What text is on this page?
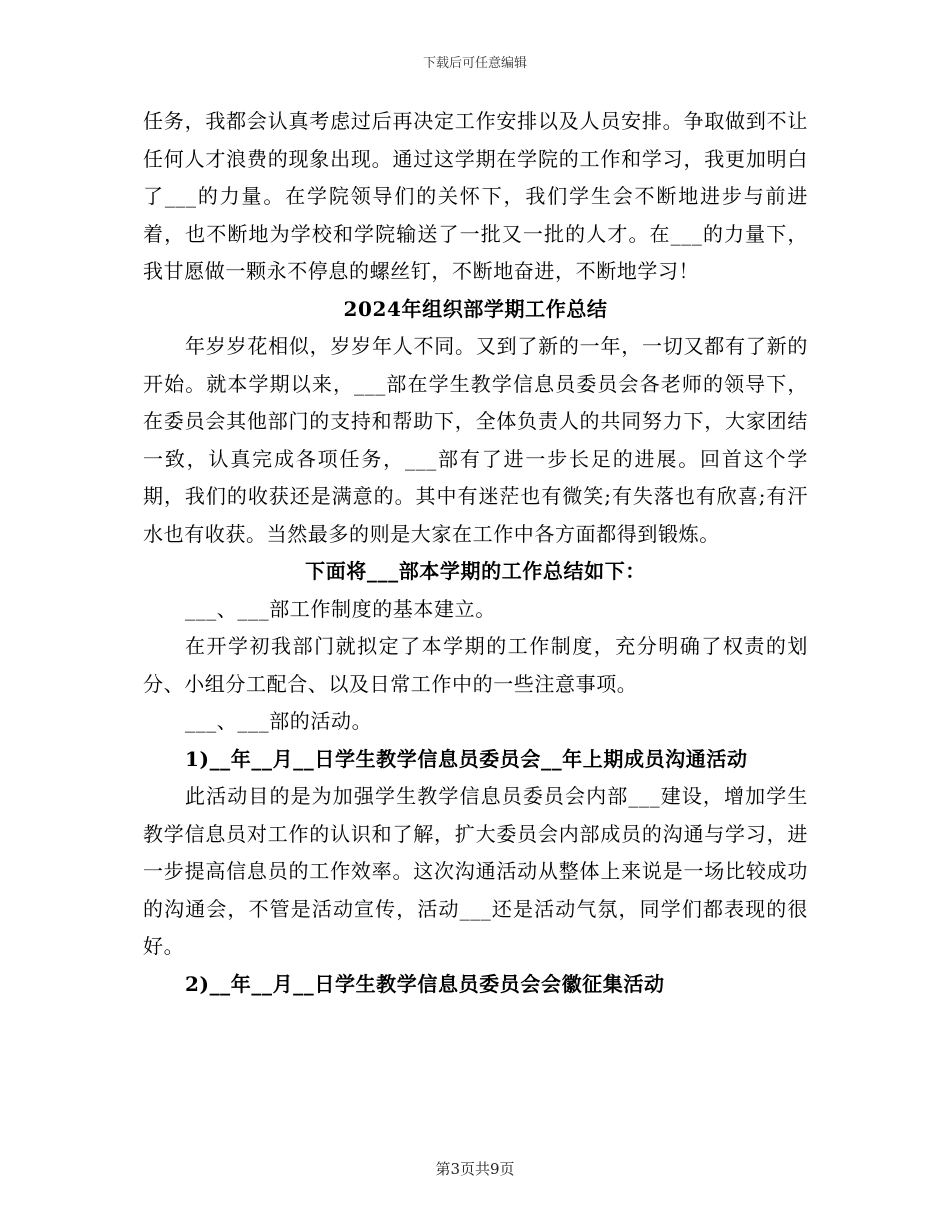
下载后可任意编辑

任务，我都会认真考虑过后再决定工作安排以及人员安排。争取做到不让任何人才浪费的现象出现。通过这学期在学院的工作和学习，我更加明白了___的力量。在学院领导们的关怀下，我们学生会不断地进步与前进着，也不断地为学校和学院输送了一批又一批的人才。在___的力量下，我甘愿做一颗永不停息的螺丝钉，不断地奋进，不断地学习！

2024年组织部学期工作总结

年岁岁花相似，岁岁年人不同。又到了新的一年，一切又都有了新的开始。就本学期以来，___部在学生教学信息员委员会各老师的领导下，在委员会其他部门的支持和帮助下，全体负责人的共同努力下，大家团结一致，认真完成各项任务，___部有了进一步长足的进展。回首这个学期，我们的收获还是满意的。其中有迷茫也有微笑;有失落也有欣喜;有汗水也有收获。当然最多的则是大家在工作中各方面都得到锻炼。

下面将___部本学期的工作总结如下：

___、___部工作制度的基本建立。

在开学初我部门就拟定了本学期的工作制度，充分明确了权责的划分、小组分工配合、以及日常工作中的一些注意事项。

___、___部的活动。

1)__年__月__日学生教学信息员委员会__年上期成员沟通活动

此活动目的是为加强学生教学信息员委员会内部___建设，增加学生教学信息员对工作的认识和了解，扩大委员会内部成员的沟通与学习，进一步提高信息员的工作效率。这次沟通活动从整体上来说是一场比较成功的沟通会，不管是活动宣传，活动___还是活动气氛，同学们都表现的很好。

2)__年__月__日学生教学信息员委员会会徽征集活动

第3页共9页
